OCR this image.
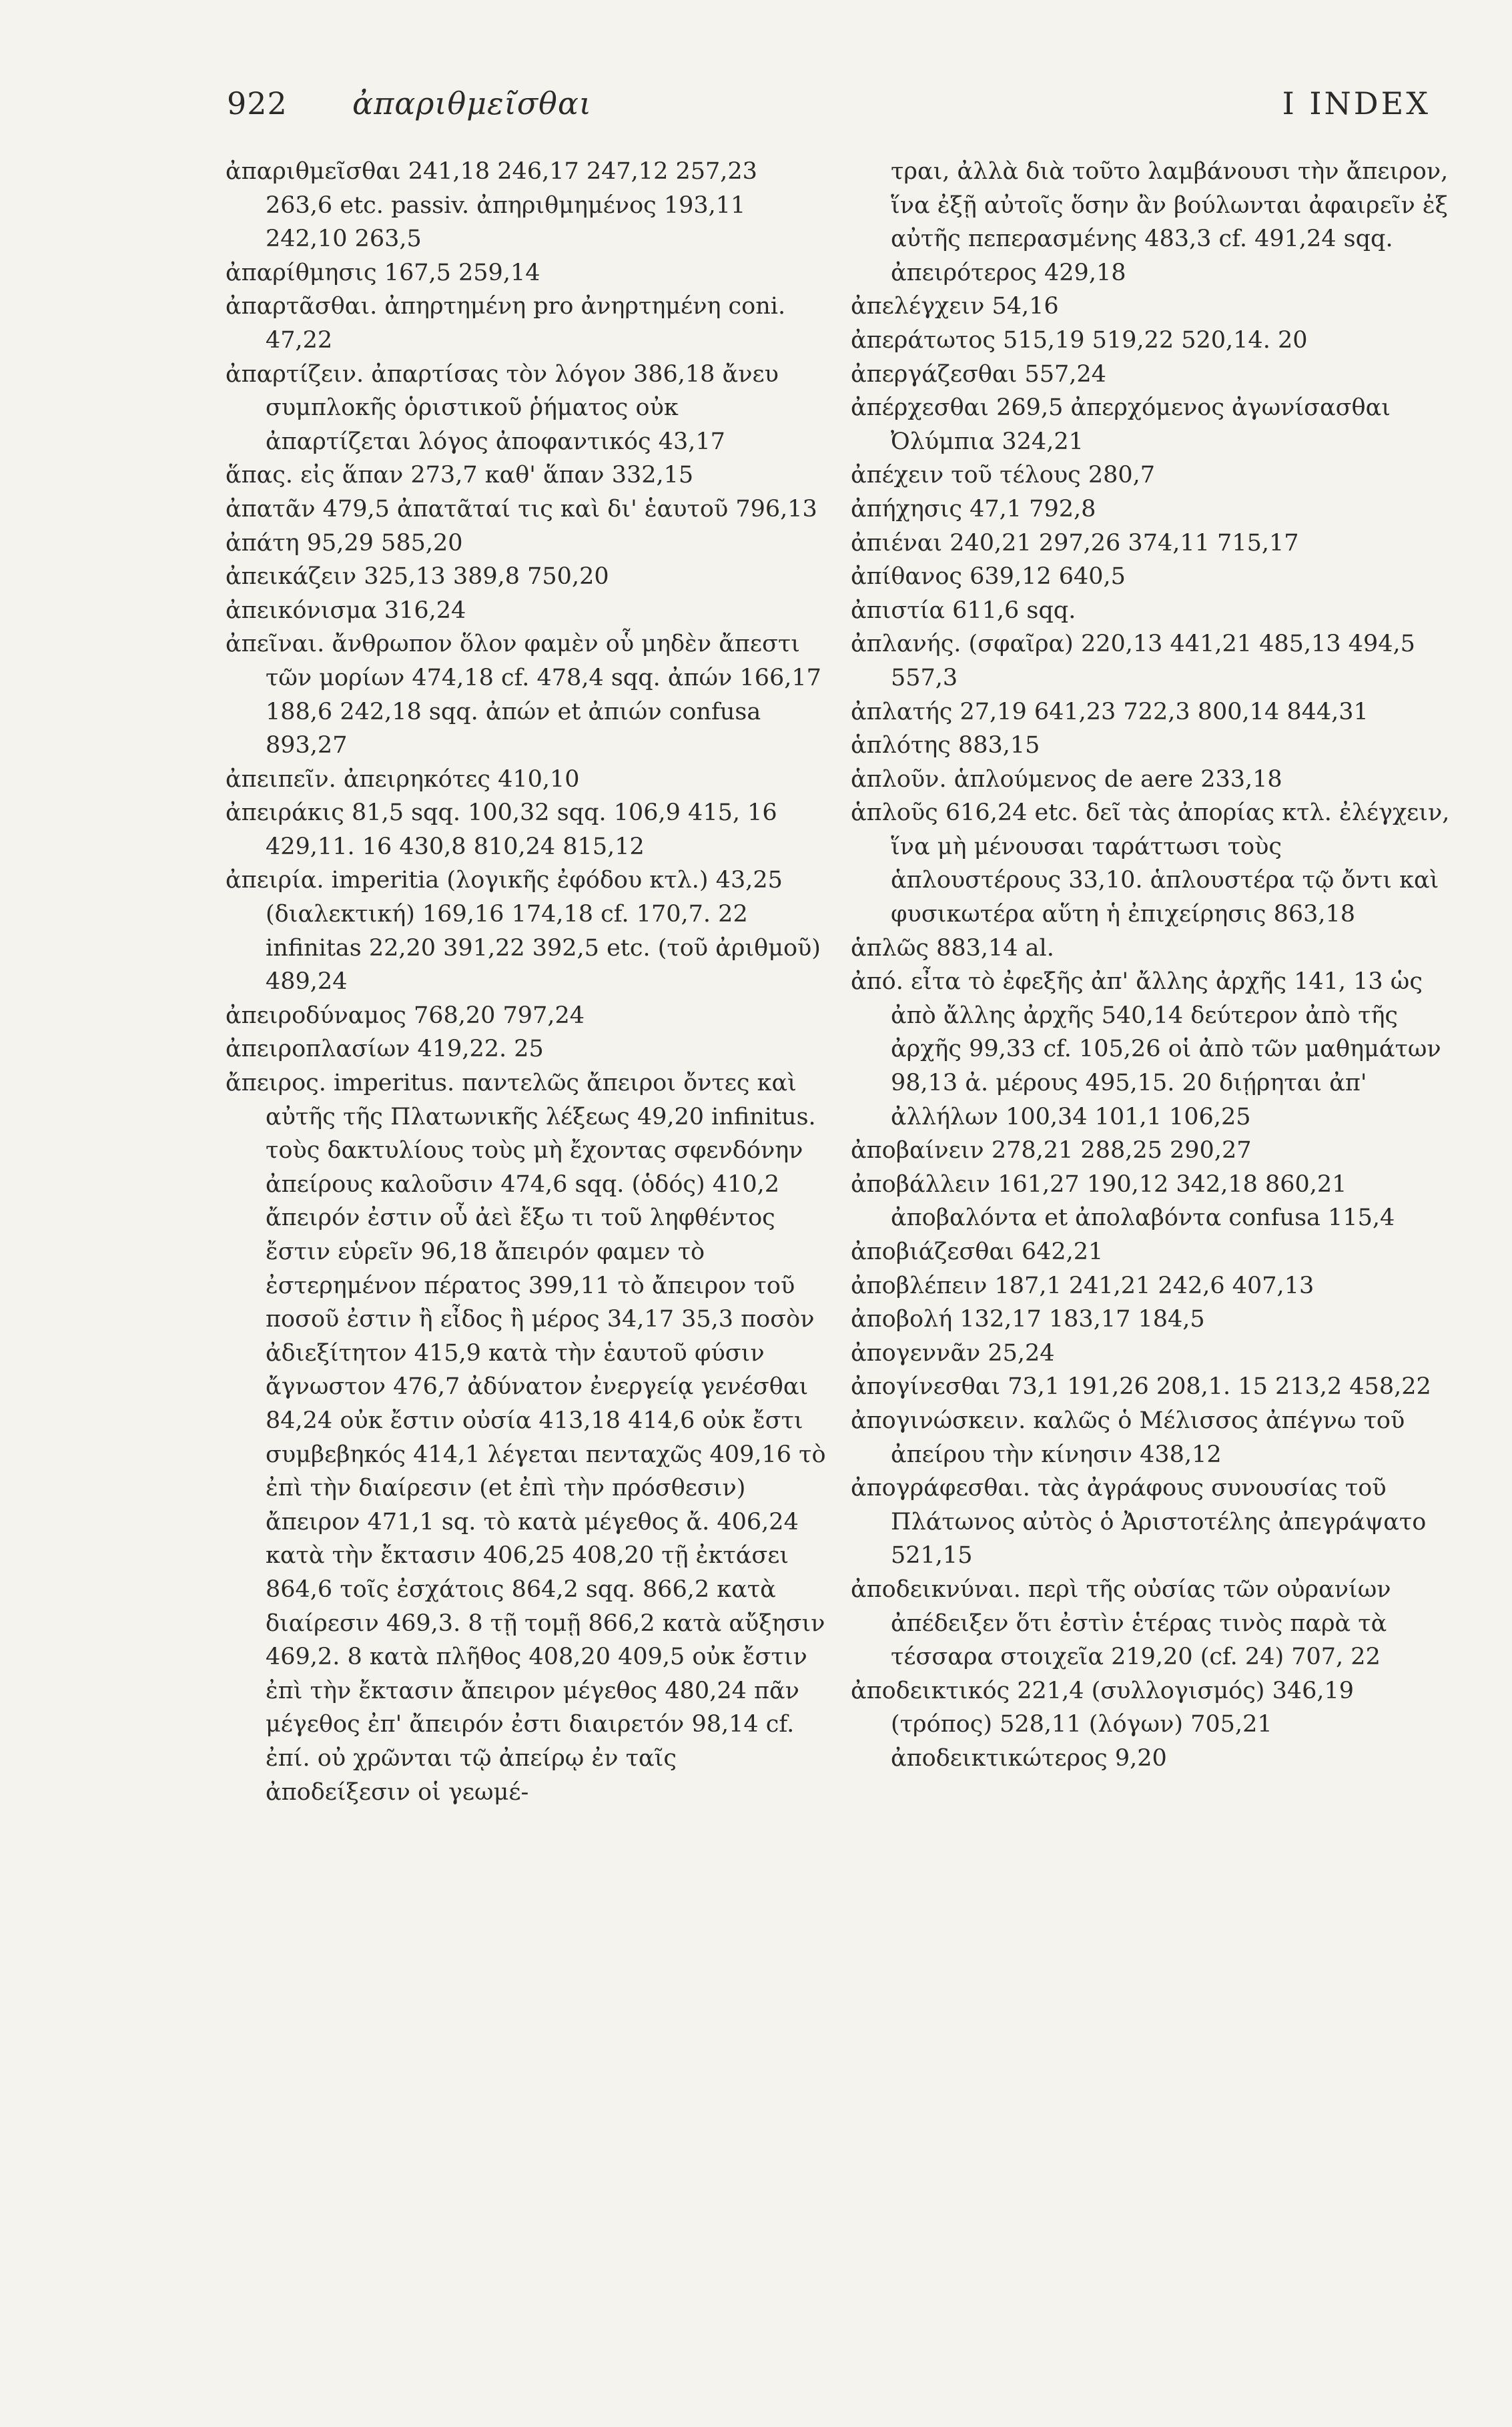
922 ἀπαριθμεῖσθαι	I INDEX

ἀπαριθμεῖσθαι 241,18 246,17 247,12 257,23 263,6 etc. passiv. ἀπηριθμημένος 193,11 242,10 263,5

ἀπαρίθμησις 167,5 259,14

ἀπαρτᾶσθαι. ἀπηρτημένη pro ἀνηρτημένη coni. 47,22

ἀπαρτίζειν. ἀπαρτίσας τὸν λόγον 386,18 ἄνευ συμπλοκῆς ὁριστικοῦ ῥήματος οὐκ ἀπαρτίζεται λόγος ἀποφαντικός 43,17

ἅπας. εἰς ἅπαν 273,7 καθ' ἅπαν 332,15

ἀπατᾶν 479,5 ἀπατᾶταί τις καὶ δι' ἑαυτοῦ 796,13

ἀπάτη 95,29 585,20

ἀπεικάζειν 325,13 389,8 750,20

ἀπεικόνισμα 316,24

ἀπεῖναι. ἄνθρωπον ὅλον φαμὲν οὗ μηδὲν ἄπεστι τῶν μορίων 474,18 cf. 478,4 sqq. ἀπών 166,17 188,6 242,18 sqq. ἀπών et ἀπιών confusa 893,27

ἀπειπεῖν. ἀπειρηκότες 410,10

ἀπειράκις 81,5 sqq. 100,32 sqq. 106,9 415, 16 429,11. 16 430,8 810,24 815,12

ἀπειρία. imperitia (λογικῆς ἐφόδου κτλ.) 43,25 (διαλεκτική) 169,16 174,18 cf. 170,7. 22 infinitas 22,20 391,22 392,5 etc. (τοῦ ἀριθμοῦ) 489,24

ἀπειροδύναμος 768,20 797,24

ἀπειροπλασίων 419,22. 25

ἄπειρος. imperitus. παντελῶς ἄπειροι ὄντες καὶ αὐτῆς τῆς Πλατωνικῆς λέξεως 49,20 infinitus. τοὺς δακτυλίους τοὺς μὴ ἔχοντας σφενδόνην ἀπείρους καλοῦσιν 474,6 sqq. (ὁδός) 410,2 ἄπειρόν ἐστιν οὗ ἀεὶ ἔξω τι τοῦ ληφθέντος ἔστιν εὑρεῖν 96,18 ἄπειρόν φαμεν τὸ ἐστερημένον πέρατος 399,11 τὸ ἄπειρον τοῦ ποσοῦ ἐστιν ἢ εἶδος ἢ μέρος 34,17 35,3 ποσὸν ἀδιεξίτητον 415,9 κατὰ τὴν ἑαυτοῦ φύσιν ἄγνωστον 476,7 ἀδύνατον ἐνεργείᾳ γενέσθαι 84,24 οὐκ ἔστιν οὐσία 413,18 414,6 οὐκ ἔστι συμβεβηκός 414,1 λέγεται πενταχῶς 409,16 τὸ ἐπὶ τὴν διαίρεσιν (et ἐπὶ τὴν πρόσθεσιν) ἄπειρον 471,1 sq. τὸ κατὰ μέγεθος ἄ. 406,24 κατὰ τὴν ἔκτασιν 406,25 408,20 τῇ ἐκτάσει 864,6 τοῖς ἐσχάτοις 864,2 sqq. 866,2 κατὰ διαίρεσιν 469,3. 8 τῇ τομῇ 866,2 κατὰ αὔξησιν 469,2. 8 κατὰ πλῆθος 408,20 409,5 οὐκ ἔστιν ἐπὶ τὴν ἔκτασιν ἄπειρον μέγεθος 480,24 πᾶν μέγεθος ἐπ' ἄπειρόν ἐστι διαιρετόν 98,14 cf. ἐπί. οὐ χρῶνται τῷ ἀπείρῳ ἐν ταῖς ἀποδείξεσιν οἱ γεωμέ-

τραι, ἀλλὰ διὰ τοῦτο λαμβάνουσι τὴν ἄπειρον, ἵνα ἐξῇ αὐτοῖς ὅσην ἂν βούλωνται ἀφαιρεῖν ἐξ αὐτῆς πεπερασμένης 483,3 cf. 491,24 sqq. ἀπειρότερος 429,18

ἀπελέγχειν 54,16

ἀπεράτωτος 515,19 519,22 520,14. 20

ἀπεργάζεσθαι 557,24

ἀπέρχεσθαι 269,5 ἀπερχόμενος ἀγωνίσασθαι Ὀλύμπια 324,21

ἀπέχειν τοῦ τέλους 280,7

ἀπήχησις 47,1 792,8

ἀπιέναι 240,21 297,26 374,11 715,17

ἀπίθανος 639,12 640,5

ἀπιστία 611,6 sqq.

ἀπλανής. (σφαῖρα) 220,13 441,21 485,13 494,5 557,3

ἀπλατής 27,19 641,23 722,3 800,14 844,31

ἁπλότης 883,15

ἁπλοῦν. ἁπλούμενος de aere 233,18

ἁπλοῦς 616,24 etc. δεῖ τὰς ἀπορίας κτλ. ἐλέγχειν, ἵνα μὴ μένουσαι ταράττωσι τοὺς ἁπλουστέρους 33,10. ἁπλουστέρα τῷ ὄντι καὶ φυσικωτέρα αὕτη ἡ ἐπιχείρησις 863,18

ἁπλῶς 883,14 al.

ἀπό. εἶτα τὸ ἐφεξῆς ἀπ' ἄλλης ἀρχῆς 141, 13 ὡς ἀπὸ ἄλλης ἀρχῆς 540,14 δεύτερον ἀπὸ τῆς ἀρχῆς 99,33 cf. 105,26 οἱ ἀπὸ τῶν μαθημάτων 98,13 ἀ. μέρους 495,15. 20 διῄρηται ἀπ' ἀλλήλων 100,34 101,1 106,25

ἀποβαίνειν 278,21 288,25 290,27

ἀποβάλλειν 161,27 190,12 342,18 860,21 ἀποβαλόντα et ἀπολαβόντα confusa 115,4

ἀποβιάζεσθαι 642,21

ἀποβλέπειν 187,1 241,21 242,6 407,13

ἀποβολή 132,17 183,17 184,5

ἀπογεννᾶν 25,24

ἀπογίνεσθαι 73,1 191,26 208,1. 15 213,2 458,22

ἀπογινώσκειν. καλῶς ὁ Μέλισσος ἀπέγνω τοῦ ἀπείρου τὴν κίνησιν 438,12

ἀπογράφεσθαι. τὰς ἀγράφους συνουσίας τοῦ Πλάτωνος αὐτὸς ὁ Ἀριστοτέλης ἀπεγράψατο 521,15

ἀποδεικνύναι. περὶ τῆς οὐσίας τῶν οὐρανίων ἀπέδειξεν ὅτι ἐστὶν ἑτέρας τινὸς παρὰ τὰ τέσσαρα στοιχεῖα 219,20 (cf. 24) 707, 22

ἀποδεικτικός 221,4 (συλλογισμός) 346,19 (τρόπος) 528,11 (λόγων) 705,21 ἀποδεικτικώτερος 9,20
